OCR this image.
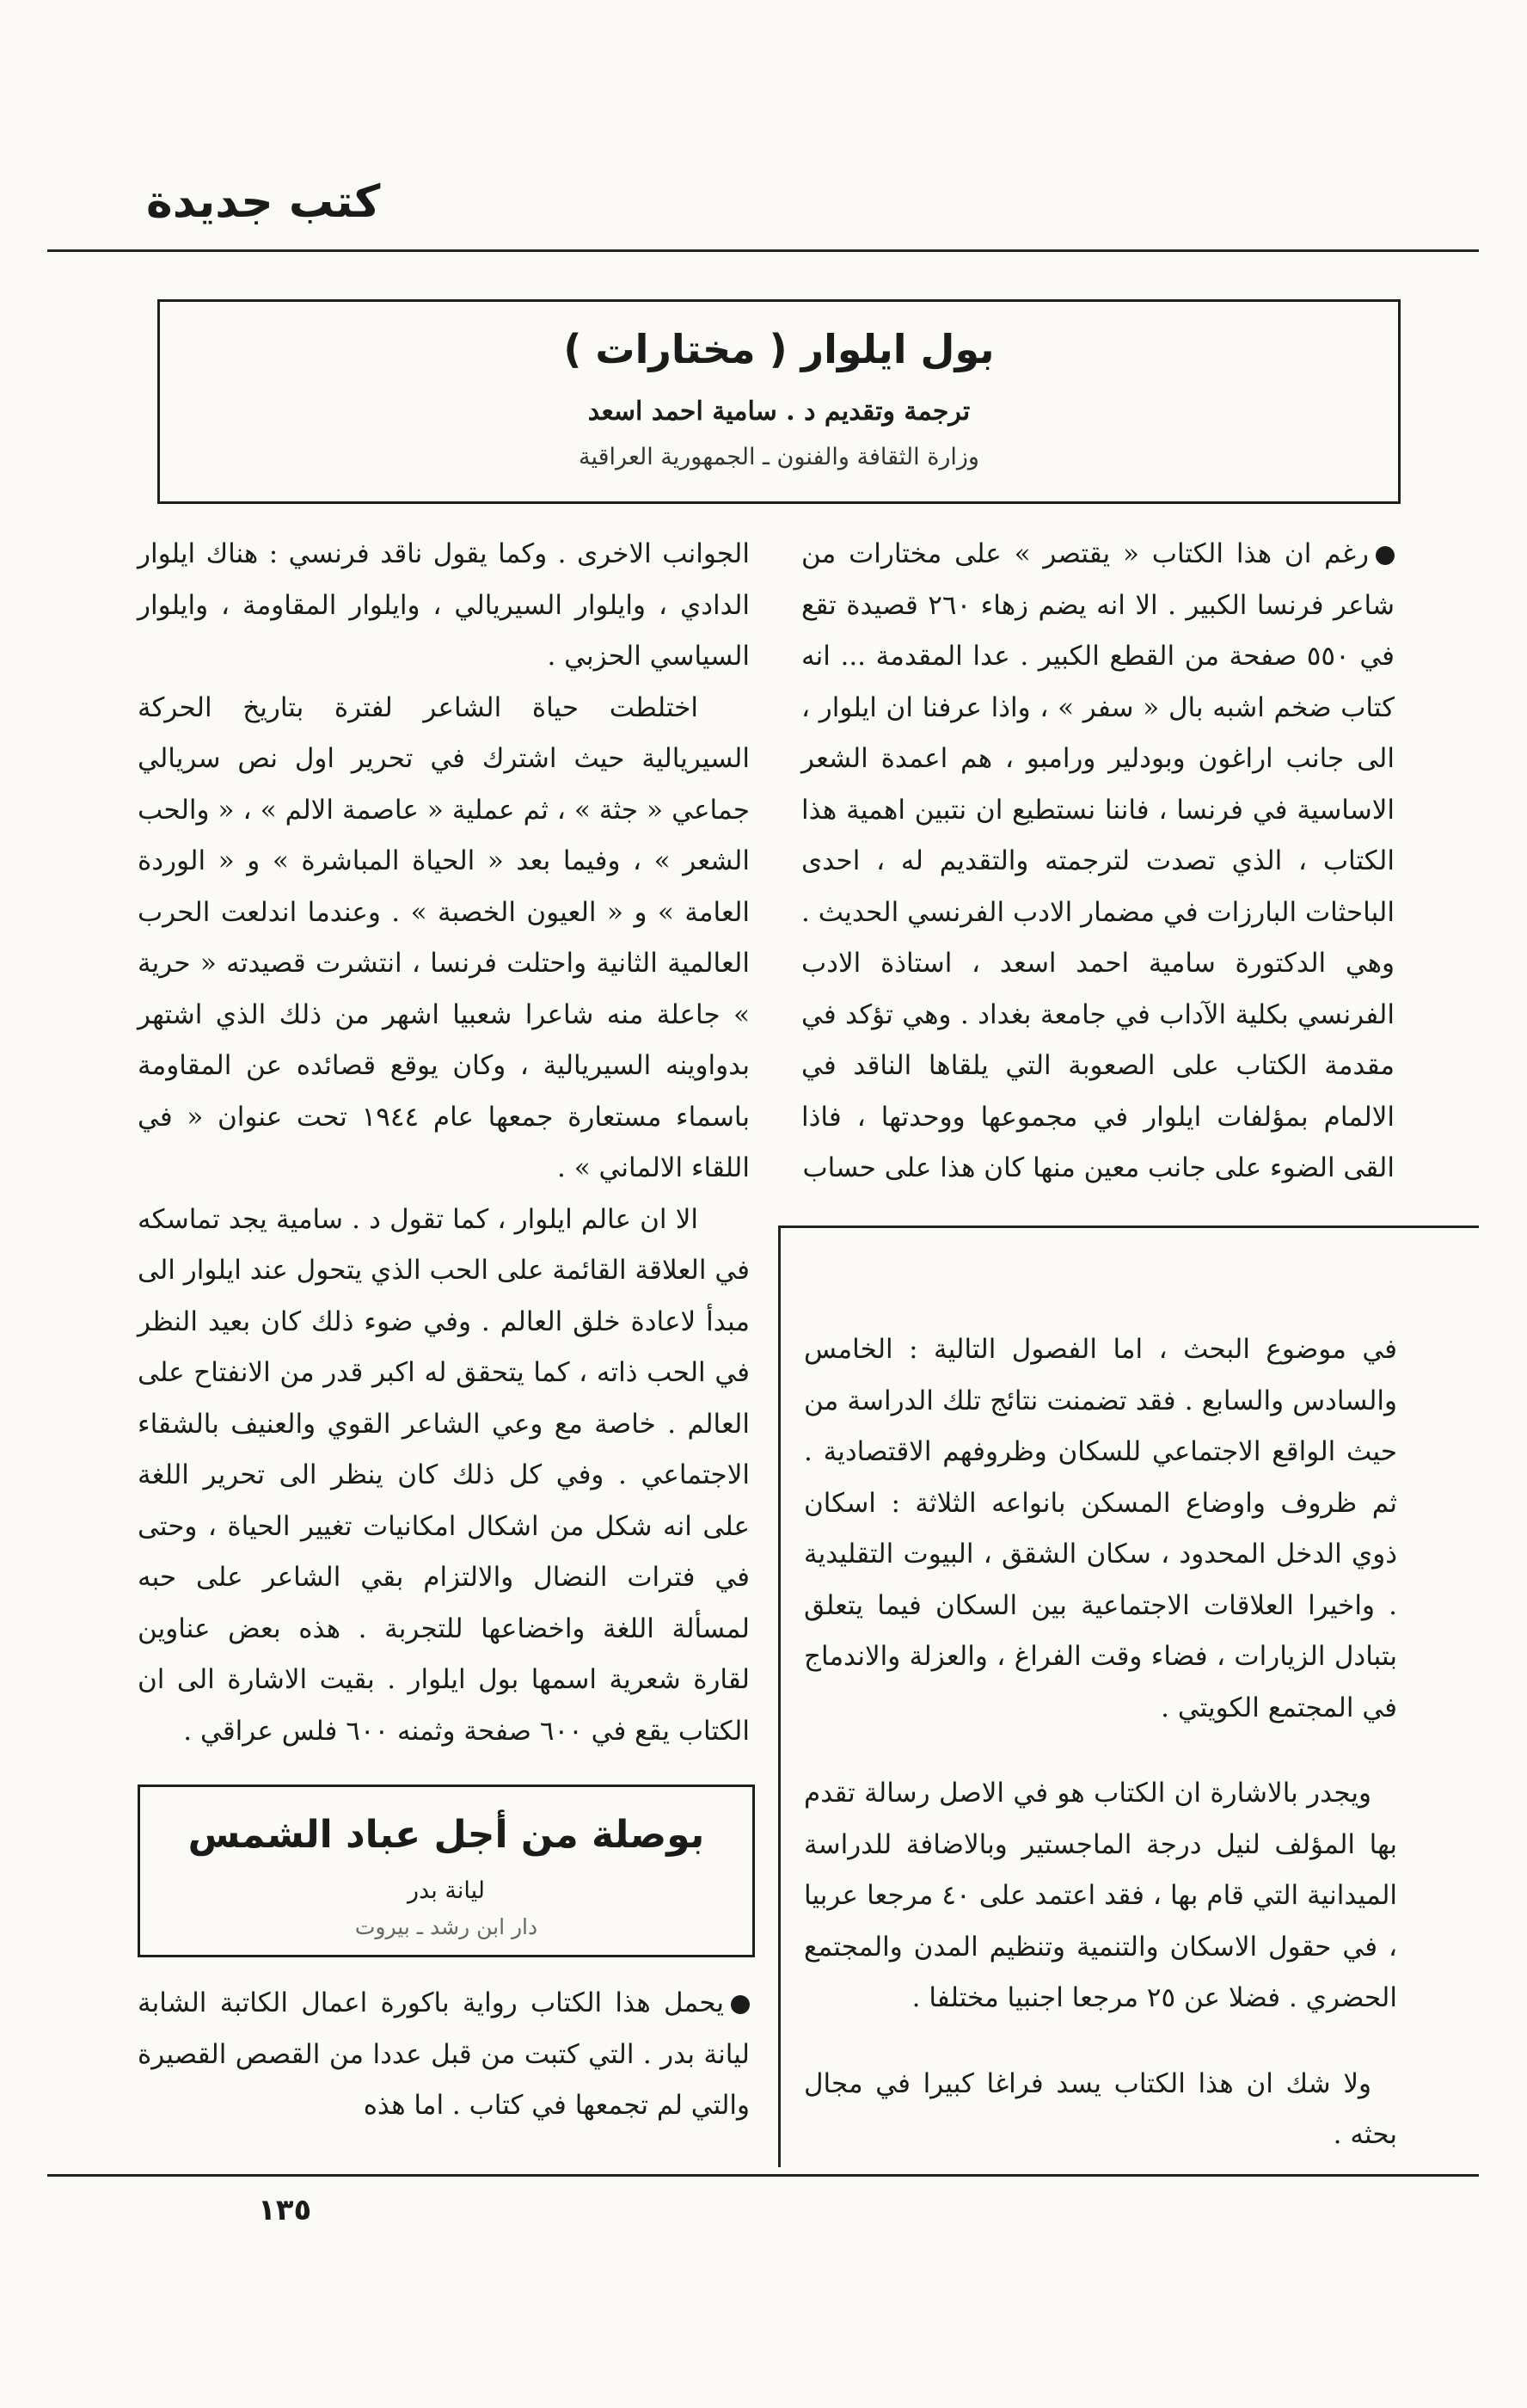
كتب جديدة
بول ايلوار ( مختارات )
ترجمة وتقديم د . سامية احمد اسعد
وزارة الثقافة والفنون ـ الجمهورية العراقية

رغم ان هذا الكتاب « يقتصر » على مختارات من شاعر فرنسا الكبير . الا انه يضم زهاء ٢٦٠ قصيدة تقع في ٥٥٠ صفحة من القطع الكبير . عدا المقدمة ... انه كتاب ضخم اشبه بال « سفر » ، واذا عرفنا ان ايلوار ، الى جانب اراغون وبودلير ورامبو ، هم اعمدة الشعر الاساسية في فرنسا ، فاننا نستطيع ان نتبين اهمية هذا الكتاب ، الذي تصدت لترجمته والتقديم له ، احدى الباحثات البارزات في مضمار الادب الفرنسي الحديث . وهي الدكتورة سامية احمد اسعد ، استاذة الادب الفرنسي بكلية الآداب في جامعة بغداد . وهي تؤكد في مقدمة الكتاب على الصعوبة التي يلقاها الناقد في الالمام بمؤلفات ايلوار في مجموعها ووحدتها ، فاذا القى الضوء على جانب معين منها كان هذا على حساب

الجوانب الاخرى . وكما يقول ناقد فرنسي : هناك ايلوار الدادي ، وايلوار السيريالي ، وايلوار المقاومة ، وايلوار السياسي الحزبي .

اختلطت حياة الشاعر لفترة بتاريخ الحركة السيريالية حيث اشترك في تحرير اول نص سريالي جماعي « جثة » ، ثم عملية « عاصمة الالم » ، « والحب الشعر » ، وفيما بعد « الحياة المباشرة » و « الوردة العامة » و « العيون الخصبة » . وعندما اندلعت الحرب العالمية الثانية واحتلت فرنسا ، انتشرت قصيدته « حرية » جاعلة منه شاعرا شعبيا اشهر من ذلك الذي اشتهر بدواوينه السيريالية ، وكان يوقع قصائده عن المقاومة باسماء مستعارة جمعها عام ١٩٤٤ تحت عنوان « في اللقاء الالماني » .

الا ان عالم ايلوار ، كما تقول د . سامية يجد تماسكه في العلاقة القائمة على الحب الذي يتحول عند ايلوار الى مبدأ لاعادة خلق العالم . وفي ضوء ذلك كان بعيد النظر في الحب ذاته ، كما يتحقق له اكبر قدر من الانفتاح على العالم . خاصة مع وعي الشاعر القوي والعنيف بالشقاء الاجتماعي . وفي كل ذلك كان ينظر الى تحرير اللغة على انه شكل من اشكال امكانيات تغيير الحياة ، وحتى في فترات النضال والالتزام بقي الشاعر على حبه لمسألة اللغة واخضاعها للتجربة . هذه بعض عناوين لقارة شعرية اسمها بول ايلوار . بقيت الاشارة الى ان الكتاب يقع في ٦٠٠ صفحة وثمنه ٦٠٠ فلس عراقي .

في موضوع البحث ، اما الفصول التالية : الخامس والسادس والسابع . فقد تضمنت نتائج تلك الدراسة من حيث الواقع الاجتماعي للسكان وظروفهم الاقتصادية . ثم ظروف واوضاع المسكن بانواعه الثلاثة : اسكان ذوي الدخل المحدود ، سكان الشقق ، البيوت التقليدية . واخيرا العلاقات الاجتماعية بين السكان فيما يتعلق بتبادل الزيارات ، فضاء وقت الفراغ ، والعزلة والاندماج في المجتمع الكويتي .

ويجدر بالاشارة ان الكتاب هو في الاصل رسالة تقدم بها المؤلف لنيل درجة الماجستير وبالاضافة للدراسة الميدانية التي قام بها ، فقد اعتمد على ٤٠ مرجعا عربيا ، في حقول الاسكان والتنمية وتنظيم المدن والمجتمع الحضري . فضلا عن ٢٥ مرجعا اجنبيا مختلفا .

ولا شك ان هذا الكتاب يسد فراغا كبيرا في مجال بحثه .

بوصلة من أجل عباد الشمس
ليانة بدر
دار ابن رشد ـ بيروت

يحمل هذا الكتاب رواية باكورة اعمال الكاتبة الشابة ليانة بدر . التي كتبت من قبل عددا من القصص القصيرة والتي لم تجمعها في كتاب . اما هذه

١٣٥
